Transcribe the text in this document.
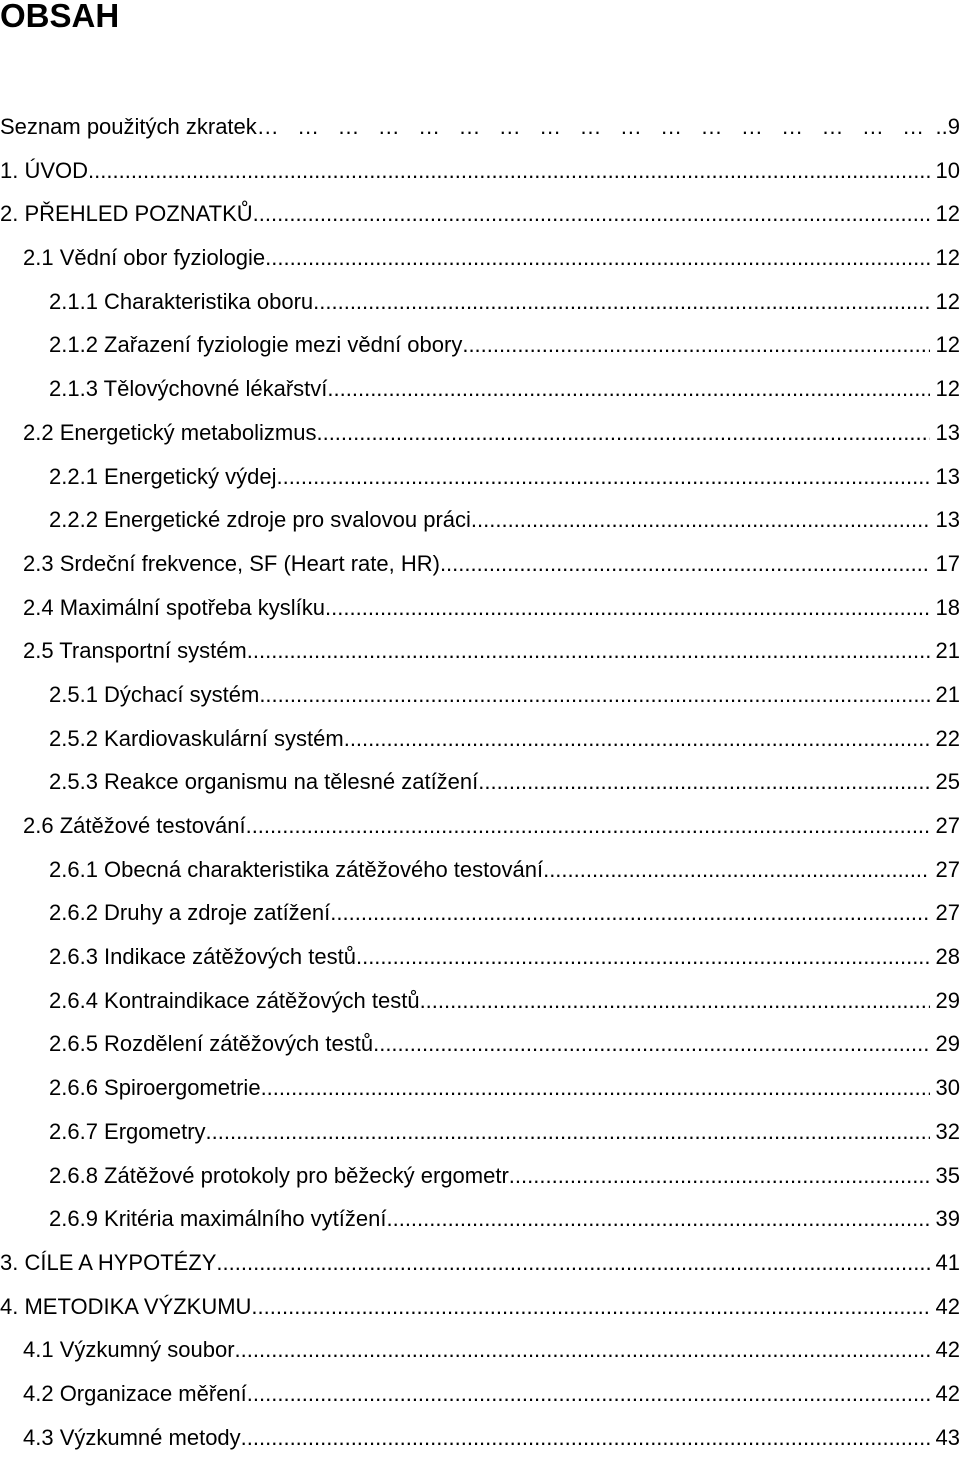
OBSAH
Seznam použitých zkratek …   …   …   …   …   …   …   …   …   …   …   …   …   …   …   …   …   …	..9
1. ÚVOD .....	10
2. PŘEHLED POZNATKŮ .....	12
2.1 Vědní obor fyziologie .....	12
2.1.1 Charakteristika oboru .....	12
2.1.2 Zařazení fyziologie mezi vědní obory .....	12
2.1.3 Tělovýchovné lékařství .....	12
2.2 Energetický metabolizmus .....	13
2.2.1 Energetický výdej .....	13
2.2.2 Energetické zdroje pro svalovou práci .....	13
2.3 Srdeční frekvence, SF (Heart rate, HR) .....	17
2.4 Maximální spotřeba kyslíku .....	18
2.5 Transportní systém .....	21
2.5.1 Dýchací systém .....	21
2.5.2 Kardiovaskulární systém .....	22
2.5.3 Reakce organismu na tělesné zatížení .....	25
2.6 Zátěžové testování .....	27
2.6.1 Obecná charakteristika zátěžového testování .....	27
2.6.2 Druhy a zdroje zatížení .....	27
2.6.3 Indikace zátěžových testů .....	28
2.6.4 Kontraindikace zátěžových testů .....	29
2.6.5 Rozdělení zátěžových testů .....	29
2.6.6 Spiroergometrie .....	30
2.6.7 Ergometry .....	32
2.6.8 Zátěžové protokoly pro běžecký ergometr .....	35
2.6.9 Kritéria maximálního vytížení .....	39
3. CÍLE A HYPOTÉZY .....	41
4. METODIKA VÝZKUMU .....	42
4.1 Výzkumný soubor .....	42
4.2 Organizace měření .....	42
4.3 Výzkumné metody .....	43
